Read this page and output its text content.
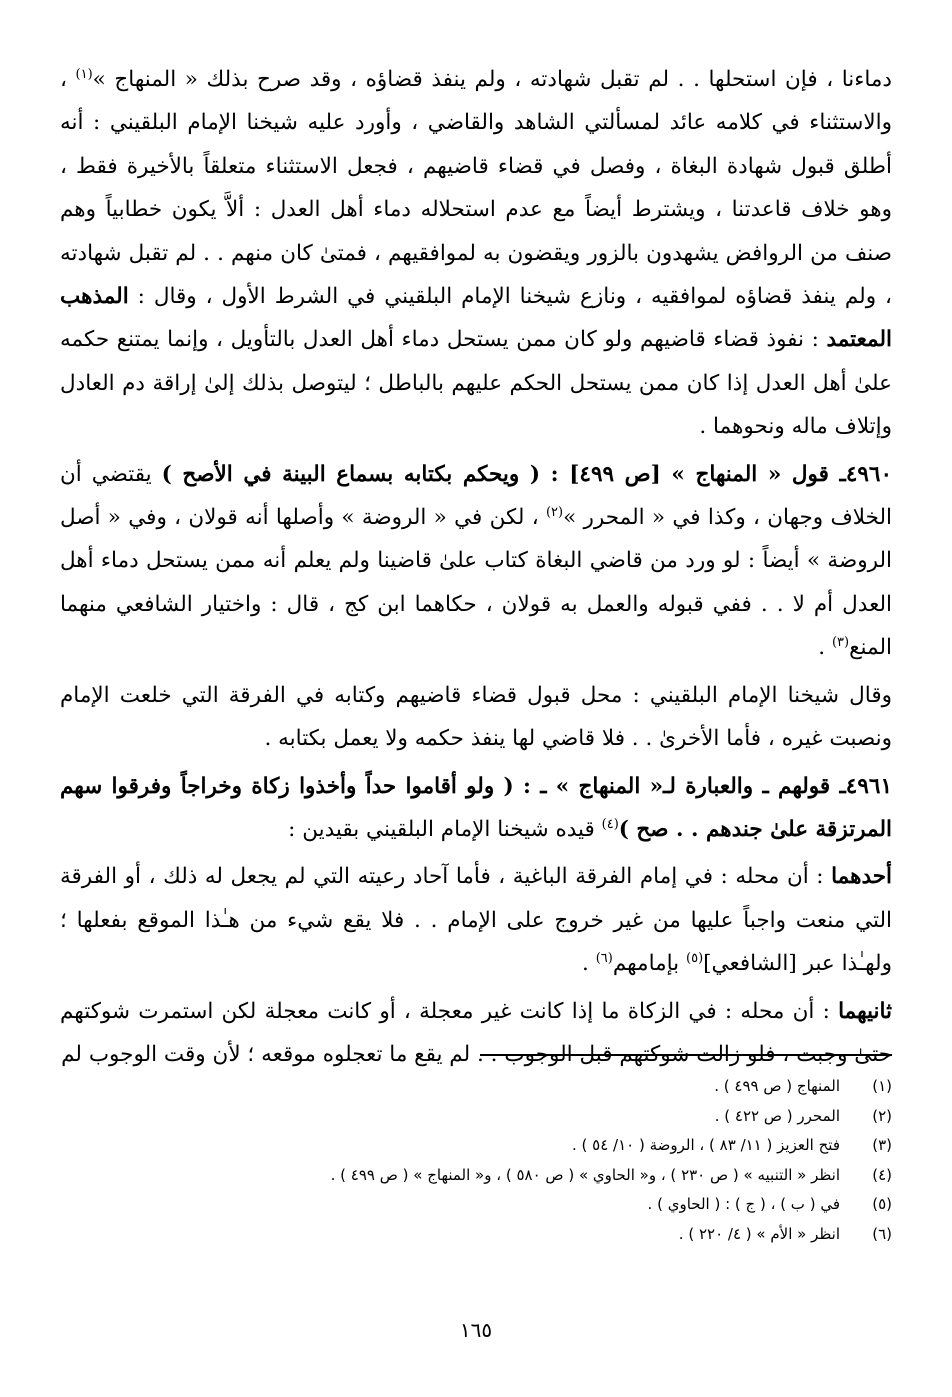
دماءنا ، فإن استحلها . . لم تقبل شهادته ، ولم ينفذ قضاؤه ، وقد صرح بذلك « المنهاج »$^{(١)}$ ، والاستثناء في كلامه عائد لمسألتي الشاهد والقاضي ، وأورد عليه شيخنا الإمام البلقيني : أنه أطلق قبول شهادة البغاة ، وفصل في قضاء قاضيهم ، فجعل الاستثناء متعلقاً بالأخيرة فقط ، وهو خلاف قاعدتنا ، ويشترط أيضاً مع عدم استحلاله دماء أهل العدل : ألاَّ يكون خطابياً وهم صنف من الروافض يشهدون بالزور ويقضون به لموافقيهم ، فمتىٰ كان منهم . . لم تقبل شهادته ، ولم ينفذ قضاؤه لموافقيه ، ونازع شيخنا الإمام البلقيني في الشرط الأول ، وقال : المذهب المعتمد : نفوذ قضاء قاضيهم ولو كان ممن يستحل دماء أهل العدل بالتأويل ، وإنما يمتنع حكمه علىٰ أهل العدل إذا كان ممن يستحل الحكم عليهم بالباطل ؛ ليتوصل بذلك إلىٰ إراقة دم العادل وإتلاف ماله ونحوهما .

٤٩٦٠ـ قول « المنهاج » [ص ٤٩٩] : ( ويحكم بكتابه بسماع البينة في الأصح ) يقتضي أن الخلاف وجهان ، وكذا في « المحرر »$^{(٢)}$ ، لكن في « الروضة » وأصلها أنه قولان ، وفي « أصل الروضة » أيضاً : لو ورد من قاضي البغاة كتاب علىٰ قاضينا ولم يعلم أنه ممن يستحل دماء أهل العدل أم لا . . ففي قبوله والعمل به قولان ، حكاهما ابن كج ، قال : واختيار الشافعي منهما المنع$^{(٣)}$ .

وقال شيخنا الإمام البلقيني : محل قبول قضاء قاضيهم وكتابه في الفرقة التي خلعت الإمام ونصبت غيره ، فأما الأخرىٰ . . فلا قاضي لها ينفذ حكمه ولا يعمل بكتابه .

٤٩٦١ـ قولهم ـ والعبارة لـ« المنهاج » ـ : ( ولو أقاموا حداً وأخذوا زكاة وخراجاً وفرقوا سهم المرتزقة علىٰ جندهم . . صح )$^{(٤)}$ قيده شيخنا الإمام البلقيني بقيدين :

أحدهما : أن محله : في إمام الفرقة الباغية ، فأما آحاد رعيته التي لم يجعل له ذلك ، أو الفرقة التي منعت واجباً عليها من غير خروج على الإمام . . فلا يقع شيء من هـٰذا الموقع بفعلها ؛ ولهـٰذا عبر [الشافعي]$^{(٥)}$ بإمامهم$^{(٦)}$ .

ثانيهما : أن محله : في الزكاة ما إذا كانت غير معجلة ، أو كانت معجلة لكن استمرت شوكتهم حتىٰ وجبت ، فلو زالت شوكتهم قبل الوجوب . . لم يقع ما تعجلوه موقعه ؛ لأن وقت الوجوب لم

(١)المنهاج ( ص ٤٩٩ ) .
(٢)المحرر ( ص ٤٢٢ ) .
(٣)فتح العزيز ( ١١/ ٨٣ ) ، الروضة ( ١٠/ ٥٤ ) .
(٤)انظر « التنبيه » ( ص ٢٣٠ ) ، و« الحاوي » ( ص ٥٨٠ ) ، و« المنهاج » ( ص ٤٩٩ ) .
(٥)في ( ب ) ، ( ج ) : ( الحاوي ) .
(٦)انظر « الأم » ( ٤/ ٢٢٠ ) .
١٦٥
